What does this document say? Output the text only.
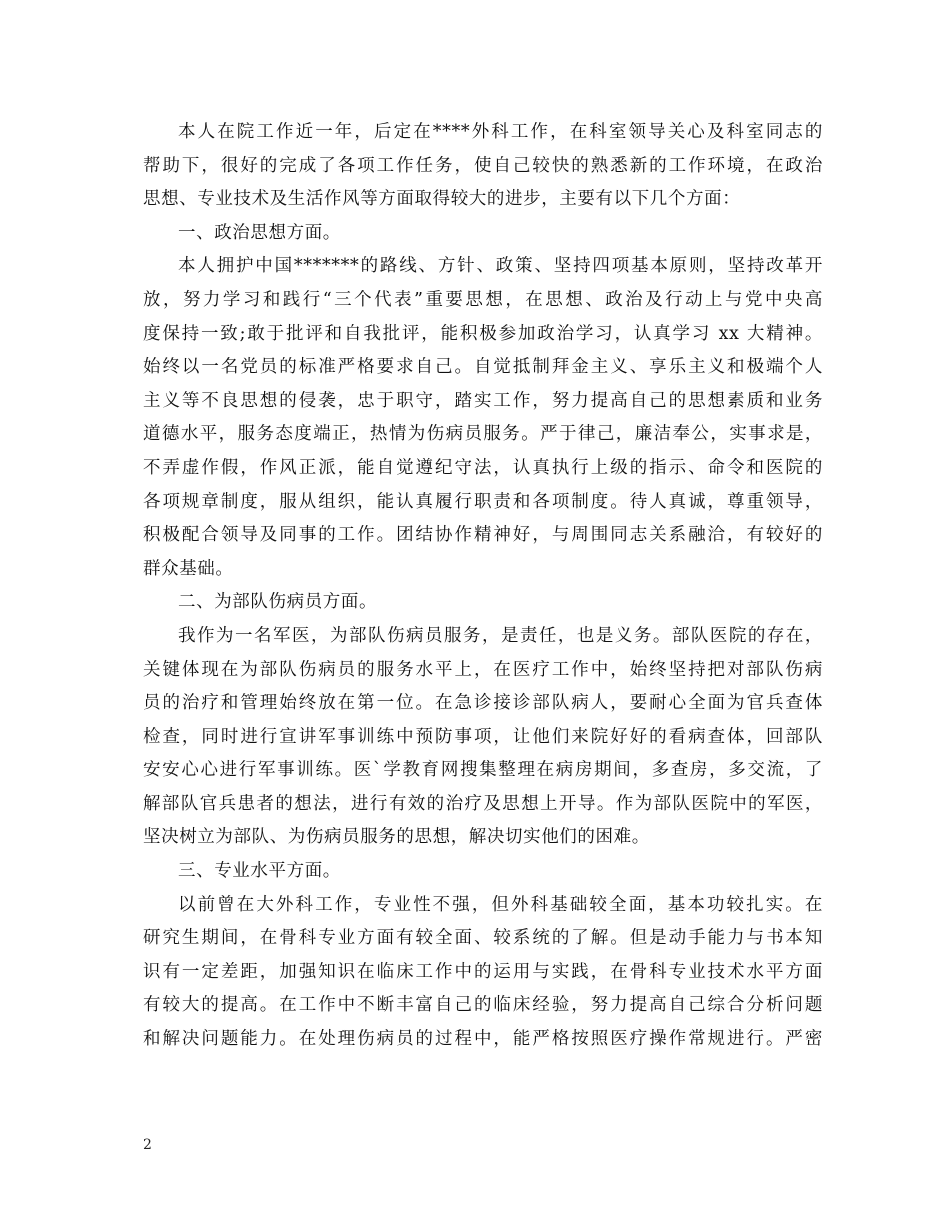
本人在院工作近一年，后定在****外科工作，在科室领导关心及科室同志的
帮助下，很好的完成了各项工作任务，使自己较快的熟悉新的工作环境，在政治
思想、专业技术及生活作风等方面取得较大的进步，主要有以下几个方面：
一、政治思想方面。
本人拥护中国*******的路线、方针、政策、坚持四项基本原则，坚持改革开
放，努力学习和践行“三个代表”重要思想，在思想、政治及行动上与党中央高
度保持一致;敢于批评和自我批评，能积极参加政治学习，认真学习 xx 大精神。
始终以一名党员的标准严格要求自己。自觉抵制拜金主义、享乐主义和极端个人
主义等不良思想的侵袭，忠于职守，踏实工作，努力提高自己的思想素质和业务
道德水平，服务态度端正，热情为伤病员服务。严于律己，廉洁奉公，实事求是，
不弄虚作假，作风正派，能自觉遵纪守法，认真执行上级的指示、命令和医院的
各项规章制度，服从组织，能认真履行职责和各项制度。待人真诚，尊重领导，
积极配合领导及同事的工作。团结协作精神好，与周围同志关系融洽，有较好的
群众基础。
二、为部队伤病员方面。
我作为一名军医，为部队伤病员服务，是责任，也是义务。部队医院的存在，
关键体现在为部队伤病员的服务水平上，在医疗工作中，始终坚持把对部队伤病
员的治疗和管理始终放在第一位。在急诊接诊部队病人，要耐心全面为官兵查体
检查，同时进行宣讲军事训练中预防事项，让他们来院好好的看病查体，回部队
安安心心进行军事训练。医`学教育网搜集整理在病房期间，多查房，多交流，了
解部队官兵患者的想法，进行有效的治疗及思想上开导。作为部队医院中的军医，
坚决树立为部队、为伤病员服务的思想，解决切实他们的困难。
三、专业水平方面。
以前曾在大外科工作，专业性不强，但外科基础较全面，基本功较扎实。在
研究生期间，在骨科专业方面有较全面、较系统的了解。但是动手能力与书本知
识有一定差距，加强知识在临床工作中的运用与实践，在骨科专业技术水平方面
有较大的提高。在工作中不断丰富自己的临床经验，努力提高自己综合分析问题
和解决问题能力。在处理伤病员的过程中，能严格按照医疗操作常规进行。严密
2
